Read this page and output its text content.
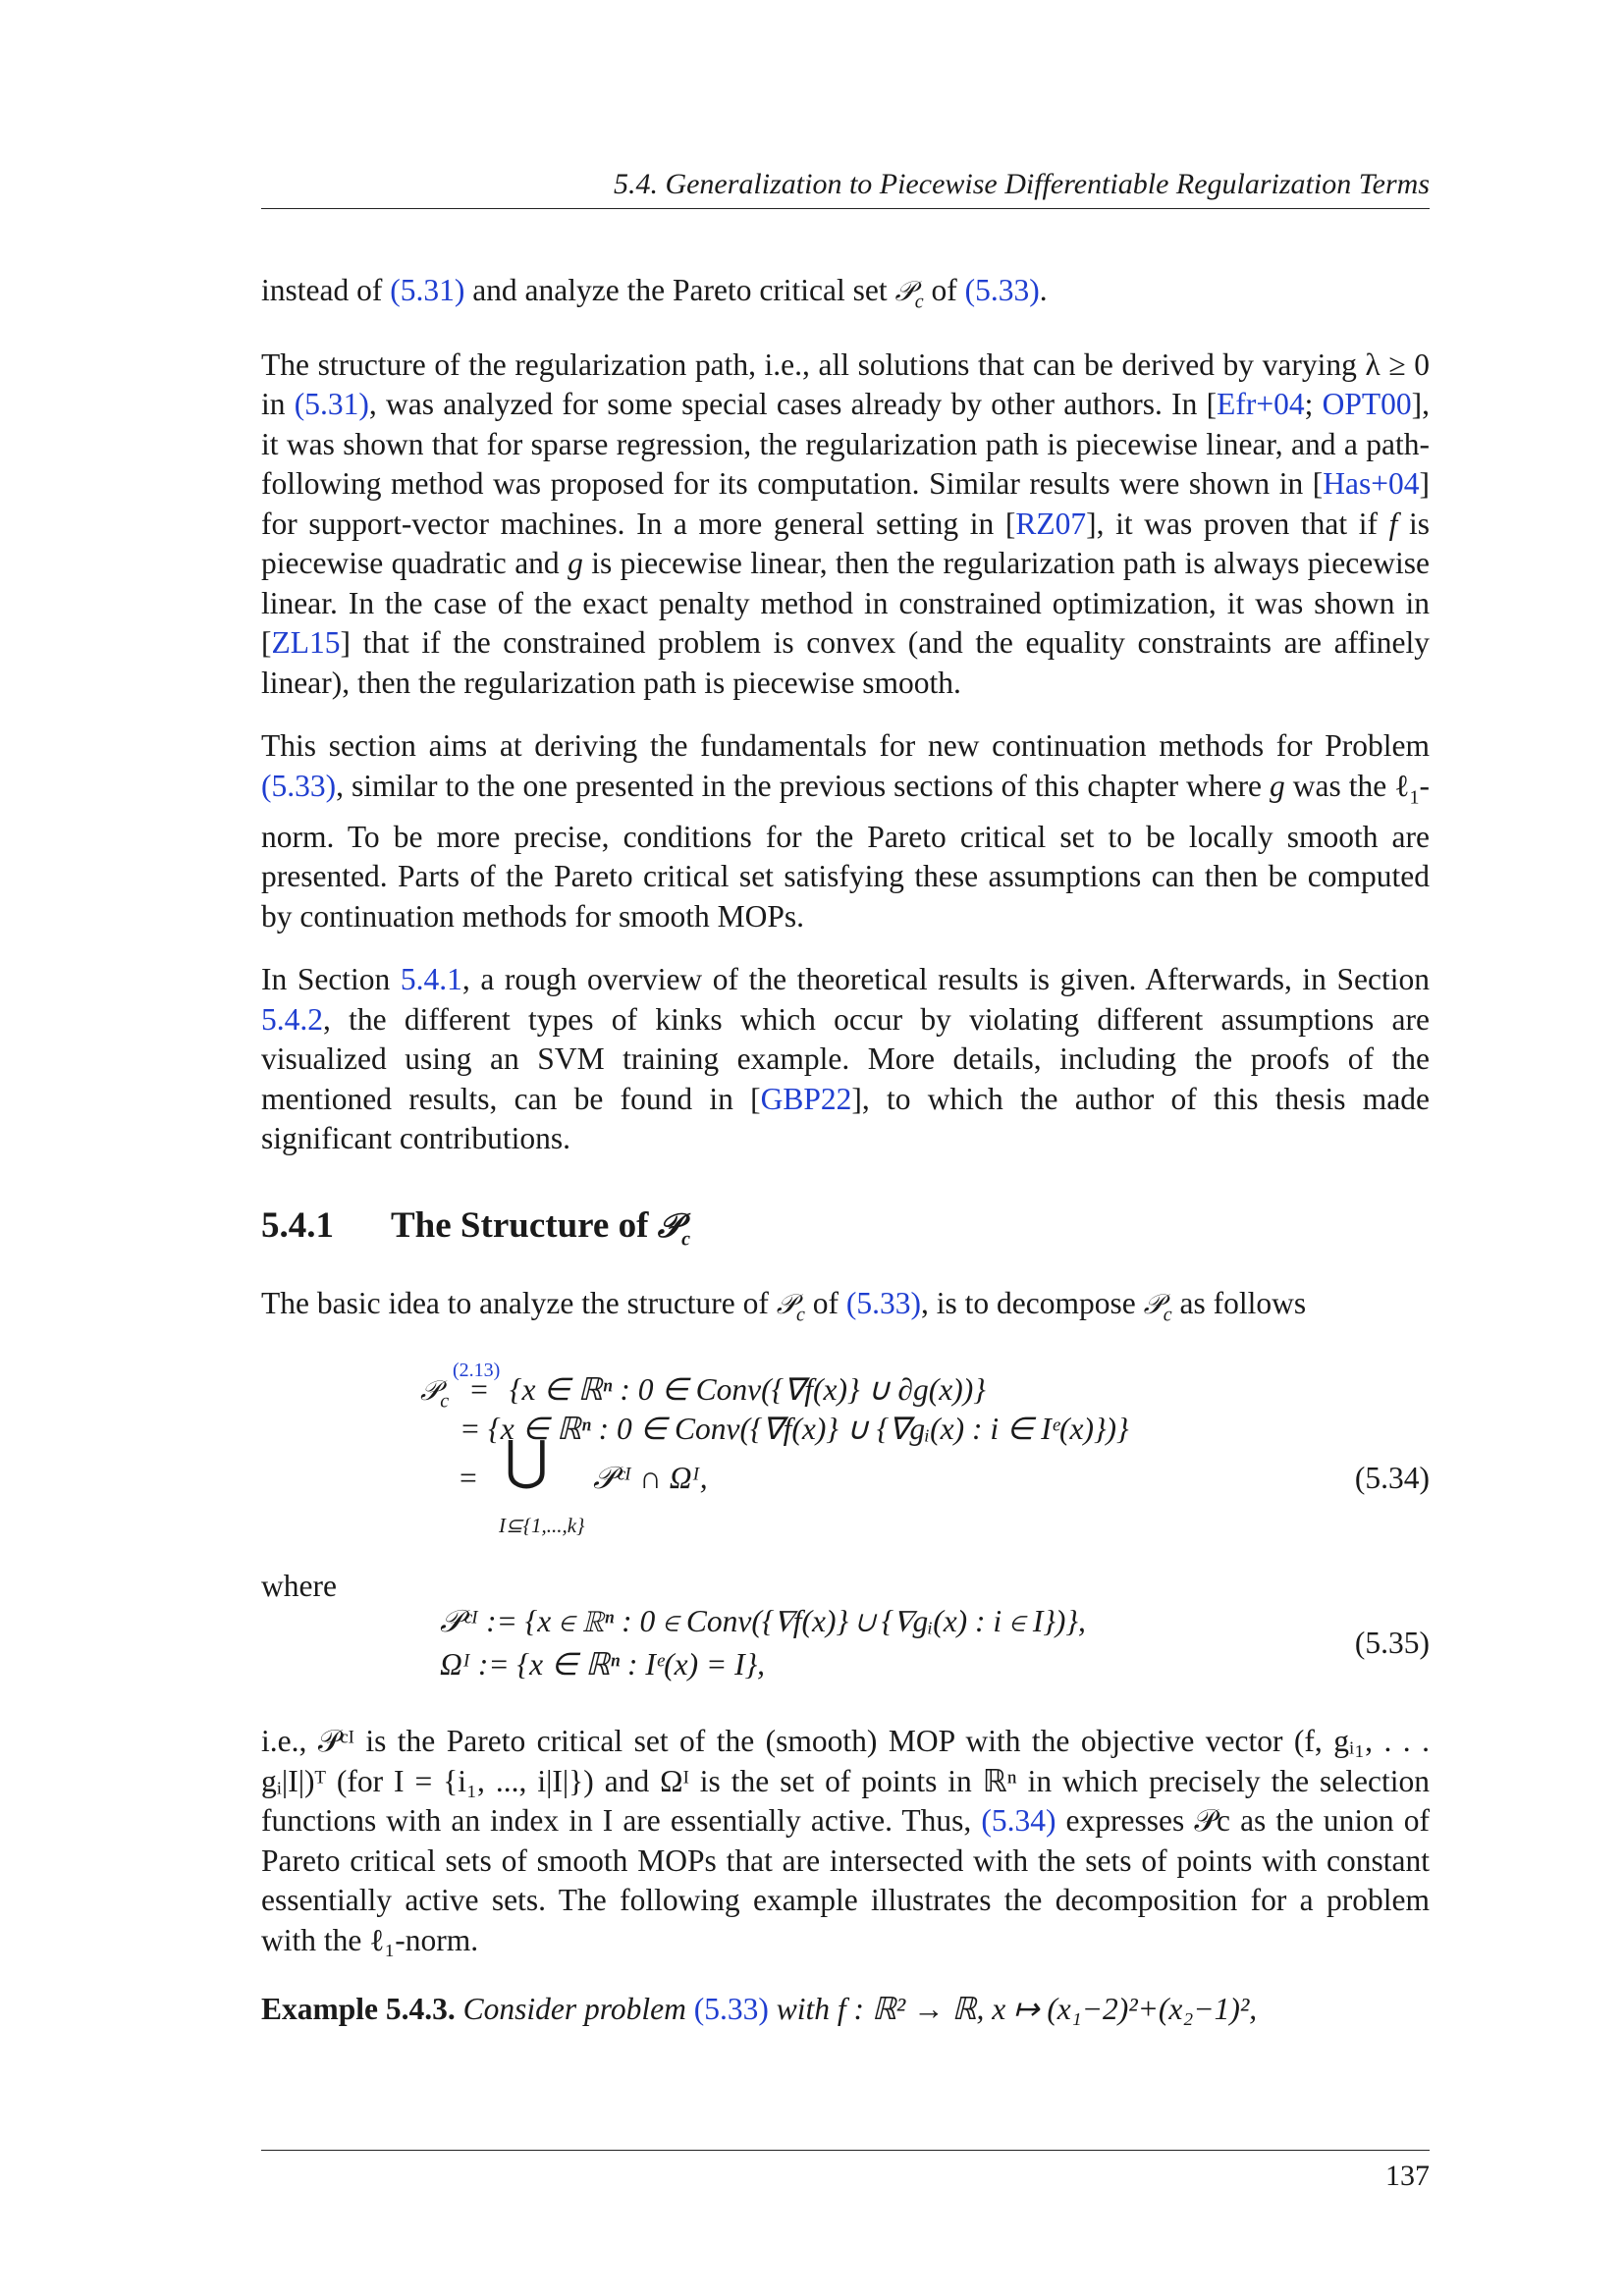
5.4. Generalization to Piecewise Differentiable Regularization Terms

instead of (5.31) and analyze the Pareto critical set 𝒫$_c$ of (5.33).

The structure of the regularization path, i.e., all solutions that can be derived by varying λ ≥ 0 in (5.31), was analyzed for some special cases already by other authors. In [Efr+04; OPT00], it was shown that for sparse regression, the regularization path is piecewise linear, and a path-following method was proposed for its computation. Similar results were shown in [Has+04] for support-vector machines. In a more general setting in [RZ07], it was proven that if f is piecewise quadratic and g is piecewise linear, then the regularization path is always piecewise linear. In the case of the exact penalty method in constrained optimization, it was shown in [ZL15] that if the constrained problem is convex (and the equality constraints are affinely linear), then the regularization path is piecewise smooth.

This section aims at deriving the fundamentals for new continuation methods for Problem (5.33), similar to the one presented in the previous sections of this chapter where g was the ℓ$_1$-norm. To be more precise, conditions for the Pareto critical set to be locally smooth are presented. Parts of the Pareto critical set satisfying these assumptions can then be computed by continuation methods for smooth MOPs.

In Section 5.4.1, a rough overview of the theoretical results is given. Afterwards, in Section 5.4.2, the different types of kinks which occur by violating different assumptions are visualized using an SVM training example. More details, including the proofs of the mentioned results, can be found in [GBP22], to which the author of this thesis made significant contributions.

5.4.1 The Structure of 𝒫$_c$

The basic idea to analyze the structure of 𝒫$_c$ of (5.33), is to decompose 𝒫$_c$ as follows

𝒫$_c$
(2.13)
= {x ∈ ℝⁿ : 0 ∈ Conv({∇f(x)} ∪ ∂g(x))}
= {x ∈ ℝⁿ : 0 ∈ Conv({∇f(x)} ∪ {∇gᵢ(x) : i ∈ Iᵉ(x)})}
= ⋃
I⊆{1,...,k}
𝒫ᶜᴵ ∩ Ωᴵ,	(5.34)
where
𝒫ᶜᴵ := {x ∈ ℝⁿ : 0 ∈ Conv({∇f(x)} ∪ {∇gᵢ(x) : i ∈ I})},
Ωᴵ := {x ∈ ℝⁿ : Iᵉ(x) = I},
(5.35)

i.e., 𝒫ᶜᴵ is the Pareto critical set of the (smooth) MOP with the objective vector (f, gᵢ₁, . . . gᵢ|I|)ᵀ (for I = {i₁, ..., i|I|}) and Ωᴵ is the set of points in ℝⁿ in which precisely the selection functions with an index in I are essentially active. Thus, (5.34) expresses 𝒫c as the union of Pareto critical sets of smooth MOPs that are intersected with the sets of points with constant essentially active sets. The following example illustrates the decomposition for a problem with the ℓ₁-norm.

Example 5.4.3. Consider problem (5.33) with f : ℝ² → ℝ, x ↦ (x₁−2)²+(x₂−1)²,

137
